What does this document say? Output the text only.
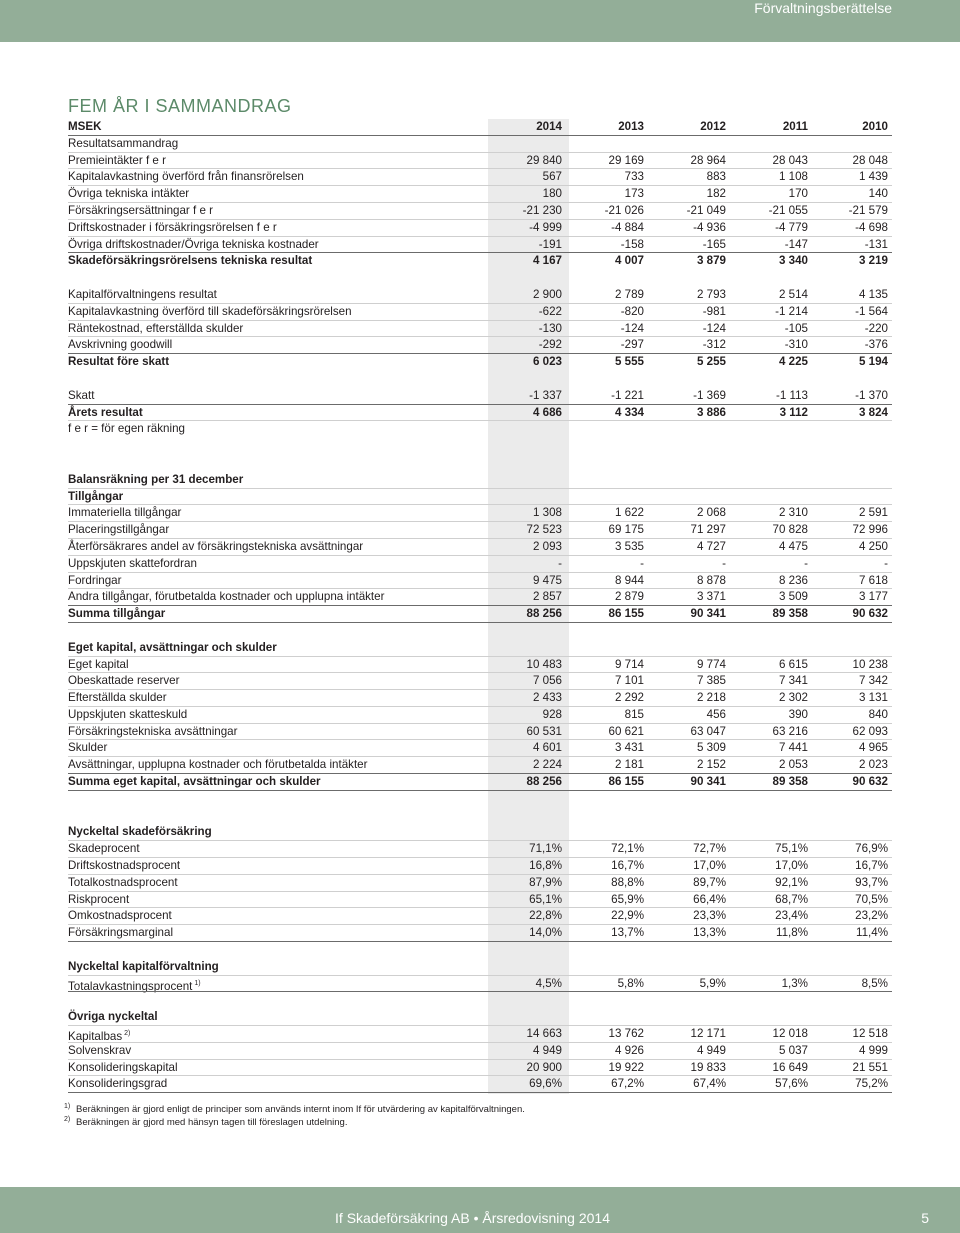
Förvaltningsberättelse
FEM ÅR I SAMMANDRAG
MSEK	2014	2013	2012	2011	2010
Resultatsammandrag
Premieintäkter f e r	29 840	29 169	28 964	28 043	28 048
Kapitalavkastning överförd från finansrörelsen	567	733	883	1 108	1 439
Övriga tekniska intäkter	180	173	182	170	140
Försäkringsersättningar f e r	-21 230	-21 026	-21 049	-21 055	-21 579
Driftskostnader i försäkringsrörelsen f e r	-4 999	-4 884	-4 936	-4 779	-4 698
Övriga driftskostnader/Övriga tekniska kostnader	-191	-158	-165	-147	-131
Skadeförsäkringsrörelsens tekniska resultat	4 167	4 007	3 879	3 340	3 219
Kapitalförvaltningens resultat	2 900	2 789	2 793	2 514	4 135
Kapitalavkastning överförd till skadeförsäkringsrörelsen	-622	-820	-981	-1 214	-1 564
Räntekostnad, efterställda skulder	-130	-124	-124	-105	-220
Avskrivning goodwill	-292	-297	-312	-310	-376
Resultat före skatt	6 023	5 555	5 255	4 225	5 194
Skatt	-1 337	-1 221	-1 369	-1 113	-1 370
Årets resultat	4 686	4 334	3 886	3 112	3 824
f e r = för egen räkning
Balansräkning per 31 december
Tillgångar
Immateriella tillgångar	1 308	1 622	2 068	2 310	2 591
Placeringstillgångar	72 523	69 175	71 297	70 828	72 996
Återförsäkrares andel av försäkringstekniska avsättningar	2 093	3 535	4 727	4 475	4 250
Uppskjuten skattefordran	-	-	-	-	-
Fordringar	9 475	8 944	8 878	8 236	7 618
Andra tillgångar, förutbetalda kostnader och upplupna intäkter	2 857	2 879	3 371	3 509	3 177
Summa tillgångar	88 256	86 155	90 341	89 358	90 632
Eget kapital, avsättningar och skulder
Eget kapital	10 483	9 714	9 774	6 615	10 238
Obeskattade reserver	7 056	7 101	7 385	7 341	7 342
Efterställda skulder	2 433	2 292	2 218	2 302	3 131
Uppskjuten skatteskuld	928	815	456	390	840
Försäkringstekniska avsättningar	60 531	60 621	63 047	63 216	62 093
Skulder	4 601	3 431	5 309	7 441	4 965
Avsättningar, upplupna kostnader och förutbetalda intäkter	2 224	2 181	2 152	2 053	2 023
Summa eget kapital, avsättningar och skulder	88 256	86 155	90 341	89 358	90 632
Nyckeltal skadeförsäkring
Skadeprocent	71,1%	72,1%	72,7%	75,1%	76,9%
Driftskostnadsprocent	16,8%	16,7%	17,0%	17,0%	16,7%
Totalkostnadsprocent	87,9%	88,8%	89,7%	92,1%	93,7%
Riskprocent	65,1%	65,9%	66,4%	68,7%	70,5%
Omkostnadsprocent	22,8%	22,9%	23,3%	23,4%	23,2%
Försäkringsmarginal	14,0%	13,7%	13,3%	11,8%	11,4%
Nyckeltal kapitalförvaltning
Totalavkastningsprocent $^{1)}$	4,5%	5,8%	5,9%	1,3%	8,5%
Övriga nyckeltal
Kapitalbas $^{2)}$	14 663	13 762	12 171	12 018	12 518
Solvenskrav	4 949	4 926	4 949	5 037	4 999
Konsolideringskapital	20 900	19 922	19 833	16 649	21 551
Konsolideringsgrad	69,6%	67,2%	67,4%	57,6%	75,2%
1) Beräkningen är gjord enligt de principer som används internt inom If för utvärdering av kapitalförvaltningen.
2) Beräkningen är gjord med hänsyn tagen till föreslagen utdelning.
If Skadeförsäkring AB • Årsredovisning 2014	5
